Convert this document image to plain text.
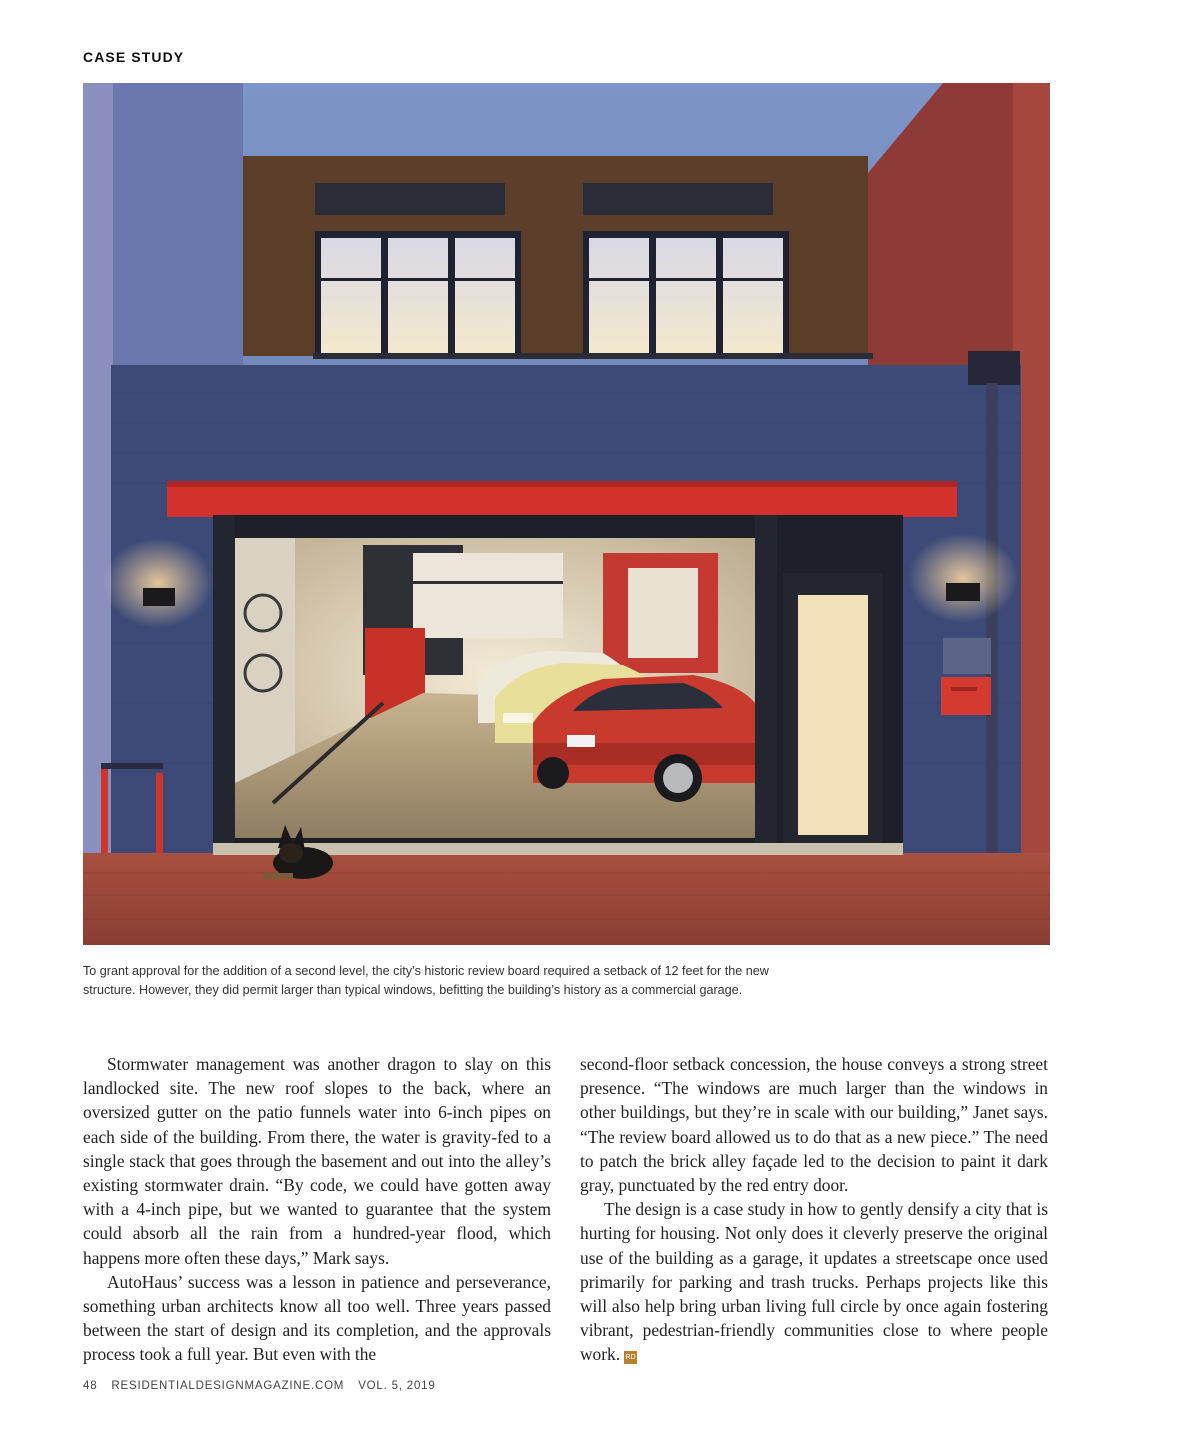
CASE STUDY

To grant approval for the addition of a second level, the city’s historic review board required a setback of 12 feet for the new

structure. However, they did permit larger than typical windows, befitting the building’s history as a commercial garage.

Stormwater management was another dragon to slay on this landlocked site. The new roof slopes to the back, where an oversized gutter on the patio funnels water into 6-inch pipes on each side of the building. From there, the water is gravity-fed to a single stack that goes through the basement and out into the alley’s existing stormwater drain. “By code, we could have gotten away with a 4-inch pipe, but we wanted to guarantee that the system could absorb all the rain from a hundred-year flood, which happens more often these days,” Mark says.

AutoHaus’ success was a lesson in patience and perseverance, something urban architects know all too well. Three years passed between the start of design and its completion, and the approvals process took a full year. But even with the

second-floor setback concession, the house conveys a strong street presence. “The windows are much larger than the windows in other buildings, but they’re in scale with our building,” Janet says. “The review board allowed us to do that as a new piece.” The need to patch the brick alley façade led to the decision to paint it dark gray, punctuated by the red entry door.

The design is a case study in how to gently densify a city that is hurting for housing. Not only does it cleverly preserve the original use of the building as a garage, it updates a streetscape once used primarily for parking and trash trucks. Perhaps projects like this will also help bring urban living full circle by once again fostering vibrant, pedestrian-friendly communities close to where people work. RD

48 RESIDENTIALDESIGNMAGAZINE.COM VOL. 5, 2019
